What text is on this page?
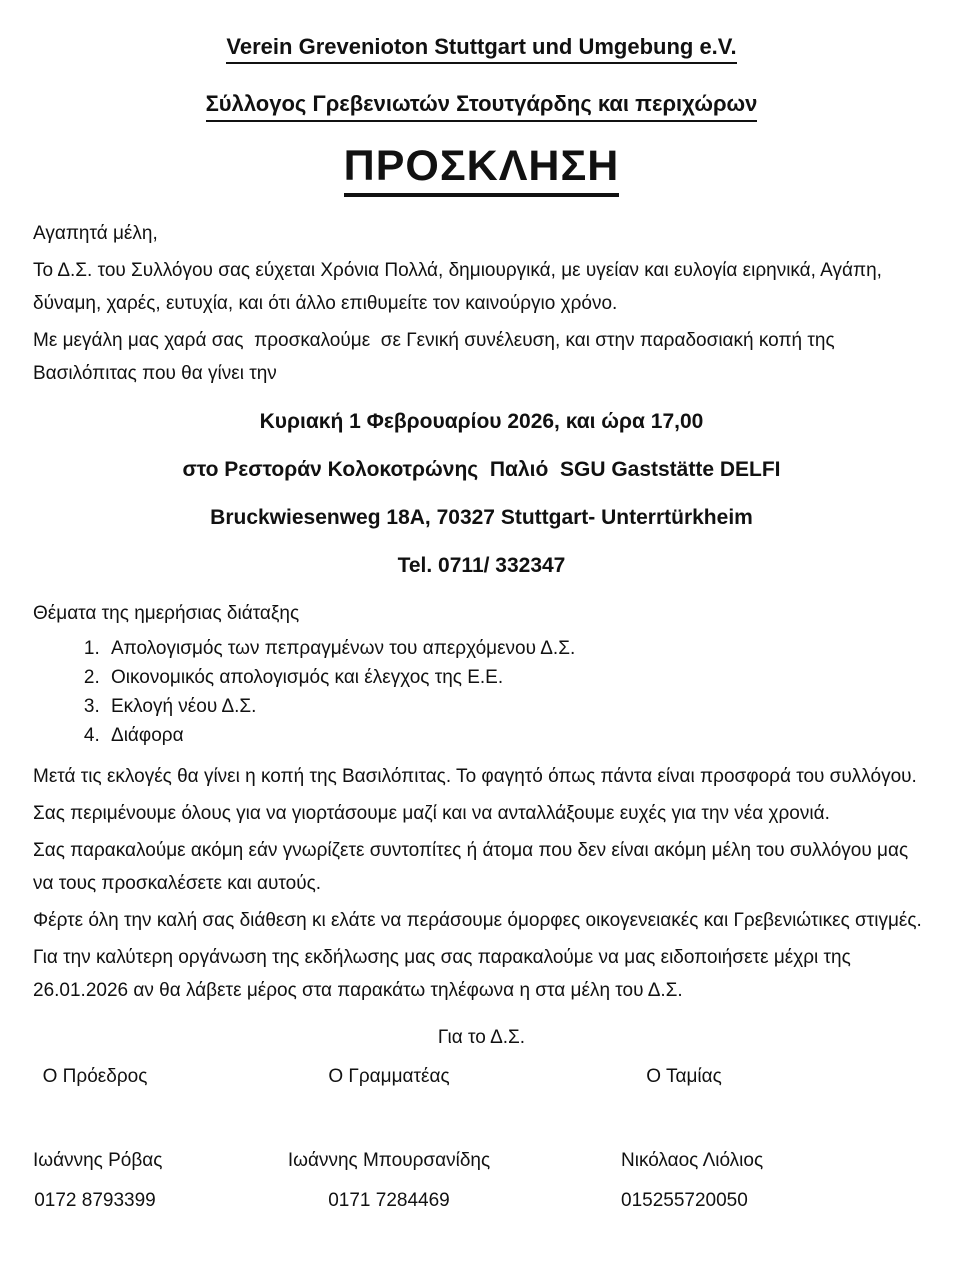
Verein Grevenioton Stuttgart und Umgebung e.V.
Σύλλογος Γρεβενιωτών Στουτγάρδης και περιχώρων
ΠΡΟΣΚΛΗΣΗ

Αγαπητά μέλη,

Το Δ.Σ. του Συλλόγου σας εύχεται Χρόνια Πολλά, δημιουργικά, με υγείαν και ευλογία ειρηνικά, Αγάπη, δύναμη, χαρές, ευτυχία, και ότι άλλο επιθυμείτε τον καινούργιο χρόνο.

Με μεγάλη μας χαρά σας  προσκαλούμε  σε Γενική συνέλευση, και στην παραδοσιακή κοπή της Βασιλόπιτας που θα γίνει την

Κυριακή 1 Φεβρουαρίου 2026, και ώρα 17,00
στο Ρεστοράν Κολοκοτρώνης  Παλιό  SGU Gaststätte DELFI
Bruckwiesenweg 18A, 70327 Stuttgart- Unterrtürkheim
Tel. 0711/ 332347

Θέματα της ημερήσιας διάταξης

1. Απολογισμός των πεπραγμένων του απερχόμενου Δ.Σ.
2. Οικονομικός απολογισμός και έλεγχος της Ε.Ε.
3. Εκλογή νέου Δ.Σ.
4. Διάφορα

Μετά τις εκλογές θα γίνει η κοπή της Βασιλόπιτας. Το φαγητό όπως πάντα είναι προσφορά του συλλόγου.

Σας περιμένουμε όλους για να γιορτάσουμε μαζί και να ανταλλάξουμε ευχές για την νέα χρονιά.

Σας παρακαλούμε ακόμη εάν γνωρίζετε συντοπίτες ή άτομα που δεν είναι ακόμη μέλη του συλλόγου μας να τους προσκαλέσετε και αυτούς.

Φέρτε όλη την καλή σας διάθεση κι ελάτε να περάσουμε όμορφες οικογενειακές και Γρεβενιώτικες στιγμές.

Για την καλύτερη οργάνωση της εκδήλωσης μας σας παρακαλούμε να μας ειδοποιήσετε μέχρι της 26.01.2026 αν θα λάβετε μέρος στα παρακάτω τηλέφωνα η στα μέλη του Δ.Σ.

Για το Δ.Σ.
Ο Πρόεδρος	Ο Γραμματέας	Ο Ταμίας
Ιωάννης Ρόβας	Ιωάννης Μπουρσανίδης	Νικόλαος Λιόλιος
0172 8793399	0171 7284469	015255720050
